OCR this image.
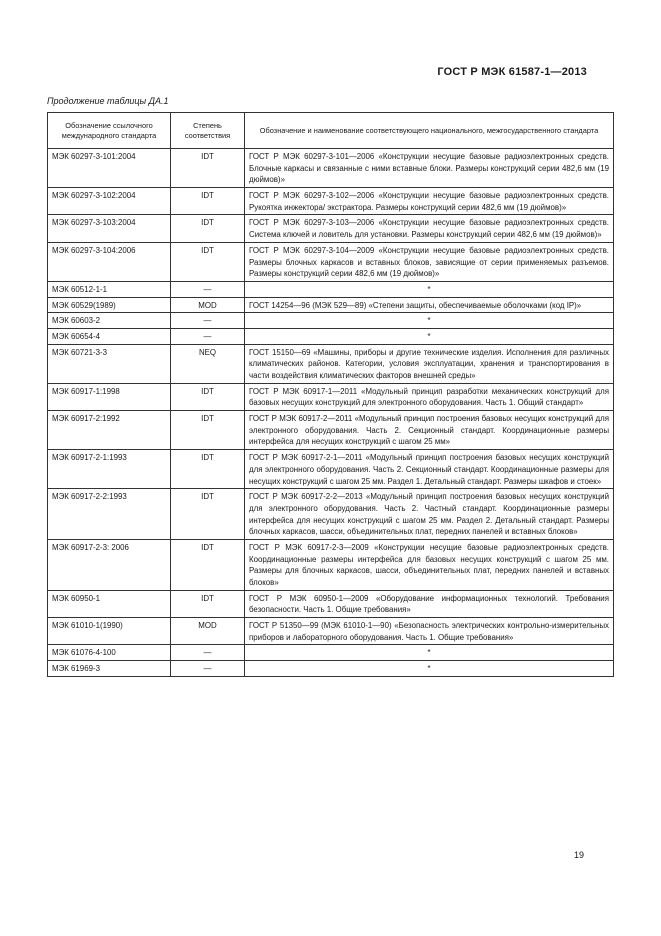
ГОСТ Р МЭК 61587-1—2013
Продолжение таблицы ДА.1
Обозначение ссылочного международного стандарта	Степень соответствия	Обозначение и наименование соответствующего национального, межгосударственного стандарта
МЭК 60297-3-101:2004	IDT	ГОСТ Р МЭК 60297-3-101—2006 «Конструкции несущие базовые радиоэлектронных средств. Блочные каркасы и связанные с ними вставные блоки. Размеры конструкций серии 482,6 мм (19 дюймов)»
МЭК 60297-3-102:2004	IDT	ГОСТ Р МЭК 60297-3-102—2006 «Конструкции несущие базовые радиоэлектронных средств. Рукоятка инжектора/ экстрактора. Размеры конструкций серии 482,6 мм (19 дюймов)»
МЭК 60297-3-103:2004	IDT	ГОСТ Р МЭК 60297-3-103—2006 «Конструкции несущие базовые радиоэлектронных средств. Система ключей и ловитель для установки. Размеры конструкций серии 482,6 мм (19 дюймов)»
МЭК 60297-3-104:2006	IDT	ГОСТ Р МЭК 60297-3-104—2009 «Конструкции несущие базовые радиоэлектронных средств. Размеры блочных каркасов и вставных блоков, зависящие от серии применяемых разъемов. Размеры конструкций серии 482,6 мм (19 дюймов)»
МЭК 60512-1-1	—	*
МЭК 60529(1989)	MOD	ГОСТ 14254—96 (МЭК 529—89) «Степени защиты, обеспечиваемые оболочками (код IP)»
МЭК 60603-2	—	*
МЭК 60654-4	—	*
МЭК 60721-3-3	NEQ	ГОСТ 15150—69 «Машины, приборы и другие технические изделия. Исполнения для различных климатических районов. Категории, условия эксплуатации, хранения и транспортирования в части воздействия климатических факторов внешней среды»
МЭК 60917-1:1998	IDT	ГОСТ Р МЭК 60917-1—2011 «Модульный принцип разработки механических конструкций для базовых несущих конструкций для электронного оборудования. Часть 1. Общий стандарт»
МЭК 60917-2:1992	IDT	ГОСТ Р МЭК 60917-2—2011 «Модульный принцип построения базовых несущих конструкций для электронного оборудования. Часть 2. Секционный стандарт. Координационные размеры интерфейса для несущих конструкций с шагом 25 мм»
МЭК 60917-2-1:1993	IDT	ГОСТ Р МЭК 60917-2-1—2011 «Модульный принцип построения базовых несущих конструкций для электронного оборудования. Часть 2. Секционный стандарт. Координационные размеры для несущих конструкций с шагом 25 мм. Раздел 1. Детальный стандарт. Размеры шкафов и стоек»
МЭК 60917-2-2:1993	IDT	ГОСТ Р МЭК 60917-2-2—2013 «Модульный принцип построения базовых несущих конструкций для электронного оборудования. Часть 2. Частный стандарт. Координационные размеры интерфейса для несущих конструкций с шагом 25 мм. Раздел 2. Детальный стандарт. Размеры блочных каркасов, шасси, объединительных плат, передних панелей и вставных блоков»
МЭК 60917-2-3: 2006	IDT	ГОСТ Р МЭК 60917-2-3—2009 «Конструкции несущие базовые радиоэлектронных средств. Координационные размеры интерфейса для базовых несущих конструкций с шагом 25 мм. Размеры для блочных каркасов, шасси, объединительных плат, передних панелей и вставных блоков»
МЭК 60950-1	IDT	ГОСТ Р МЭК 60950-1—2009 «Оборудование информационных технологий. Требования безопасности. Часть 1. Общие требования»
МЭК 61010-1(1990)	MOD	ГОСТ Р 51350—99 (МЭК 61010-1—90) «Безопасность электрических контрольно-измерительных приборов и лабораторного оборудования. Часть 1. Общие требования»
МЭК 61076-4-100	—	*
МЭК 61969-3	—	*
19
